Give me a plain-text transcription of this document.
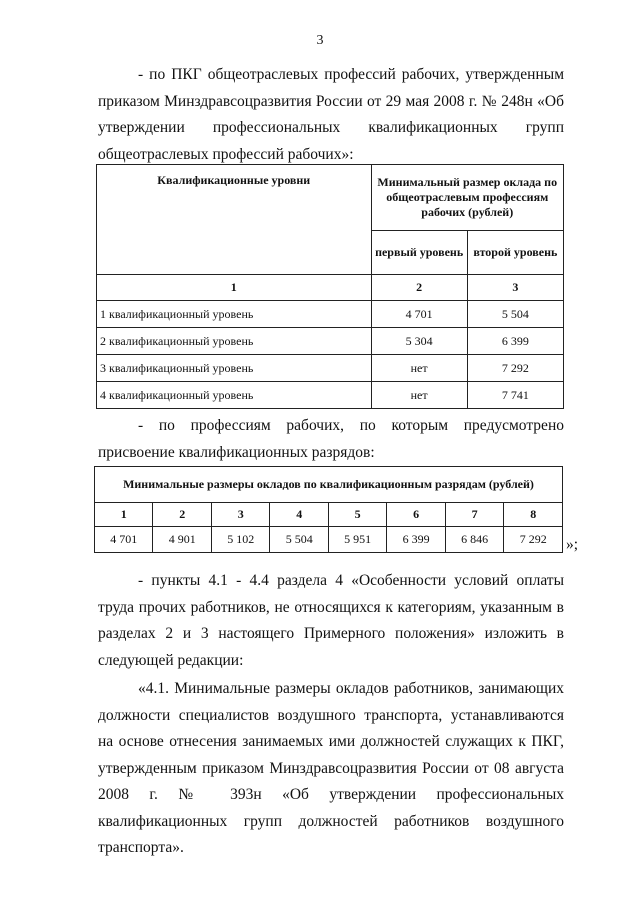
3

- по ПКГ общеотраслевых профессий рабочих, утвержденным приказом Минздравсоцразвития России от 29 мая 2008 г. № 248н «Об утверждении профессиональных квалификационных групп общеотраслевых профессий рабочих»:

Квалификационные уровни	Минимальный размер оклада по общеотраслевым профессиям рабочих (рублей)	
	первый уровень	второй уровень
1	2	3
1 квалификационный уровень	4 701	5 504
2 квалификационный уровень	5 304	6 399
3 квалификационный уровень	нет	7 292
4 квалификационный уровень	нет	7 741

- по профессиям рабочих, по которым предусмотрено присвоение квалификационных разрядов:

Минимальные размеры окладов по квалификационным разрядам (рублей)							
1	2	3	4	5	6	7	8
4 701	4 901	5 102	5 504	5 951	6 399	6 846	7 292 »;

- пункты 4.1 - 4.4 раздела 4 «Особенности условий оплаты труда прочих работников, не относящихся к категориям, указанным в разделах 2 и 3 настоящего Примерного положения» изложить в следующей редакции:

«4.1. Минимальные размеры окладов работников, занимающих должности специалистов воздушного транспорта, устанавливаются на основе отнесения занимаемых ими должностей служащих к ПКГ, утвержденным приказом Минздравсоцразвития России от 08 августа 2008 г. № 393н «Об утверждении профессиональных квалификационных групп должностей работников воздушного транспорта».
